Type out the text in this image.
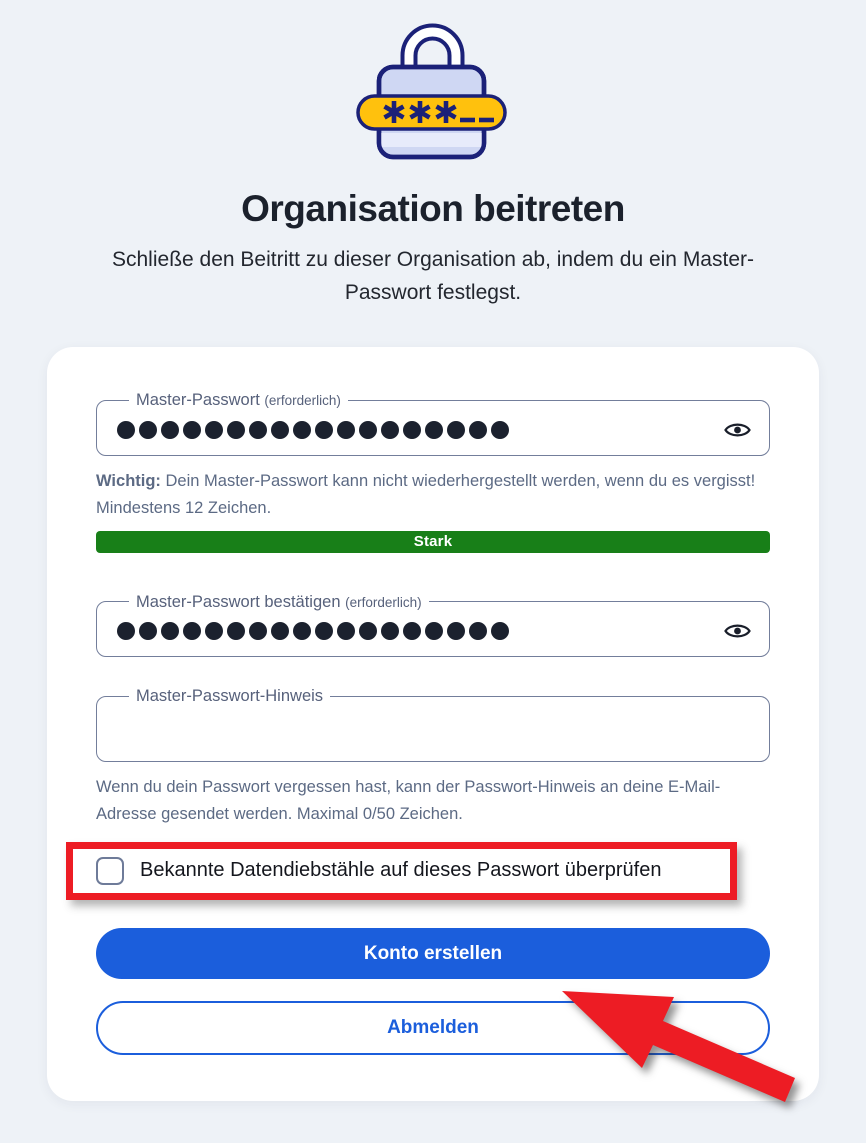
Organisation beitreten

Schließe den Beitritt zu dieser Organisation ab, indem du ein Master-Passwort festlegst.

Master-Passwort (erforderlich)

Wichtig: Dein Master-Passwort kann nicht wiederhergestellt werden, wenn du es vergisst! Mindestens 12 Zeichen.

Stark
Master-Passwort bestätigen (erforderlich)
Master-Passwort-Hinweis

Wenn du dein Passwort vergessen hast, kann der Passwort-Hinweis an deine E-Mail-Adresse gesendet werden. Maximal 0/50 Zeichen.

Bekannte Datendiebstähle auf dieses Passwort überprüfen
Konto erstellen
Abmelden
